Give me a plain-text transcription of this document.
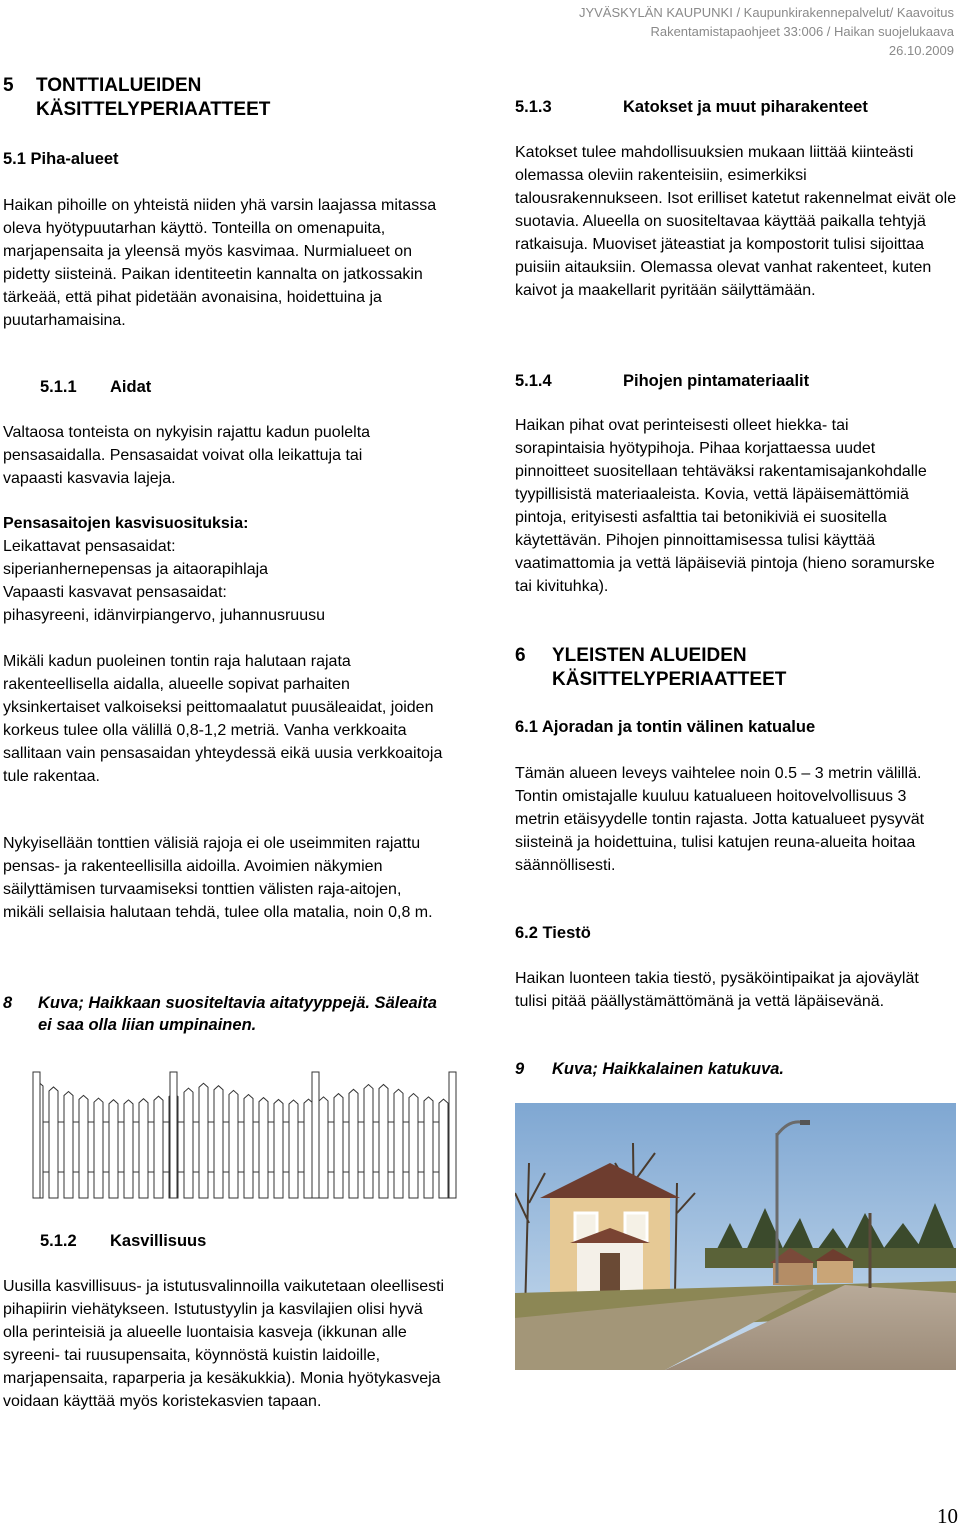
JYVÄSKYLÄN KAUPUNKI / Kaupunkirakennepalvelut/ Kaavoitus
Rakentamistapaohjeet 33:006 / Haikan suojelukaava
26.10.2009
5 TONTTIALUEIDEN KÄSITTELYPERIAATTEET
5.1 Piha-alueet

Haikan pihoille on yhteistä niiden yhä varsin laajassa mitassa oleva hyötypuutarhan käyttö. Tonteilla on omenapuita, marjapensaita ja yleensä myös kasvimaa. Nurmialueet on pidetty siisteinä. Paikan identiteetin kannalta on jatkossakin tärkeää, että pihat pidetään avonaisina, hoidettuina ja puutarhamaisina.

5.1.1 Aidat

Valtaosa tonteista on nykyisin rajattu kadun puolelta pensasaidalla. Pensasaidat voivat olla leikattuja tai vapaasti kasvavia lajeja.

Pensasaitojen kasvisuosituksia:
Leikattavat pensasaidat:
siperianhernepensas ja aitaorapihlaja
Vapaasti kasvavat pensasaidat:
pihasyreeni, idänvirpiangervo, juhannusruusu

Mikäli kadun puoleinen tontin raja halutaan rajata rakenteellisella aidalla, alueelle sopivat parhaiten yksinkertaiset valkoiseksi peittomaalatut puusäleaidat, joiden korkeus tulee olla välillä 0,8-1,2 metriä. Vanha verkkoaita sallitaan vain pensasaidan yhteydessä eikä uusia verkkoaitoja tule rakentaa.

Nykyisellään tonttien välisiä rajoja ei ole useimmiten rajattu pensas- ja rakenteellisilla aidoilla. Avoimien näkymien säilyttämisen turvaamiseksi tonttien välisten raja-aitojen, mikäli sellaisia halutaan tehdä, tulee olla matalia, noin 0,8 m.

8 Kuva; Haikkaan suositeltavia aitatyyppejä. Säleaita ei saa olla liian umpinainen.
5.1.2 Kasvillisuus

Uusilla kasvillisuus- ja istutusvalinnoilla vaikutetaan oleellisesti pihapiirin viehätykseen. Istutustyylin ja kasvilajien olisi hyvä olla perinteisiä ja alueelle luontaisia kasveja (ikkunan alle syreeni- tai ruusupensaita, köynnöstä kuistin laidoille, marjapensaita, raparperia ja kesäkukkia). Monia hyötykasveja voidaan käyttää myös koristekasvien tapaan.

5.1.3	Katokset ja muut piharakenteet

Katokset tulee mahdollisuuksien mukaan liittää kiinteästi olemassa oleviin rakenteisiin, esimerkiksi talousrakennukseen. Isot erilliset katetut rakennelmat eivät ole suotavia. Alueella on suositeltavaa käyttää paikalla tehtyjä ratkaisuja. Muoviset jäteastiat ja kompostorit tulisi sijoittaa puisiin aitauksiin. Olemassa olevat vanhat rakenteet, kuten kaivot ja maakellarit pyritään säilyttämään.

5.1.4	Pihojen pintamateriaalit

Haikan pihat ovat perinteisesti olleet hiekka- tai sorapintaisia hyötypihoja. Pihaa korjattaessa uudet pinnoitteet suositellaan tehtäväksi rakentamisajankohdalle tyypillisistä materiaaleista. Kovia, vettä läpäisemättömiä pintoja, erityisesti asfalttia tai betonikiviä ei suositella käytettävän. Pihojen pinnoittamisessa tulisi käyttää vaatimattomia ja vettä läpäiseviä pintoja (hieno soramurske tai kivituhka).

6 YLEISTEN ALUEIDEN KÄSITTELYPERIAATTEET
6.1 Ajoradan ja tontin välinen katualue

Tämän alueen leveys vaihtelee noin 0.5 – 3 metrin välillä. Tontin omistajalle kuuluu katualueen hoitovelvollisuus 3 metrin etäisyydelle tontin rajasta. Jotta katualueet pysyvät siisteinä ja hoidettuina, tulisi katujen reuna-alueita hoitaa säännöllisesti.

6.2 Tiestö

Haikan luonteen takia tiestö, pysäköintipaikat ja ajoväylät tulisi pitää päällystämättömänä ja vettä läpäisevänä.

9 Kuva; Haikkalainen katukuva.
10
